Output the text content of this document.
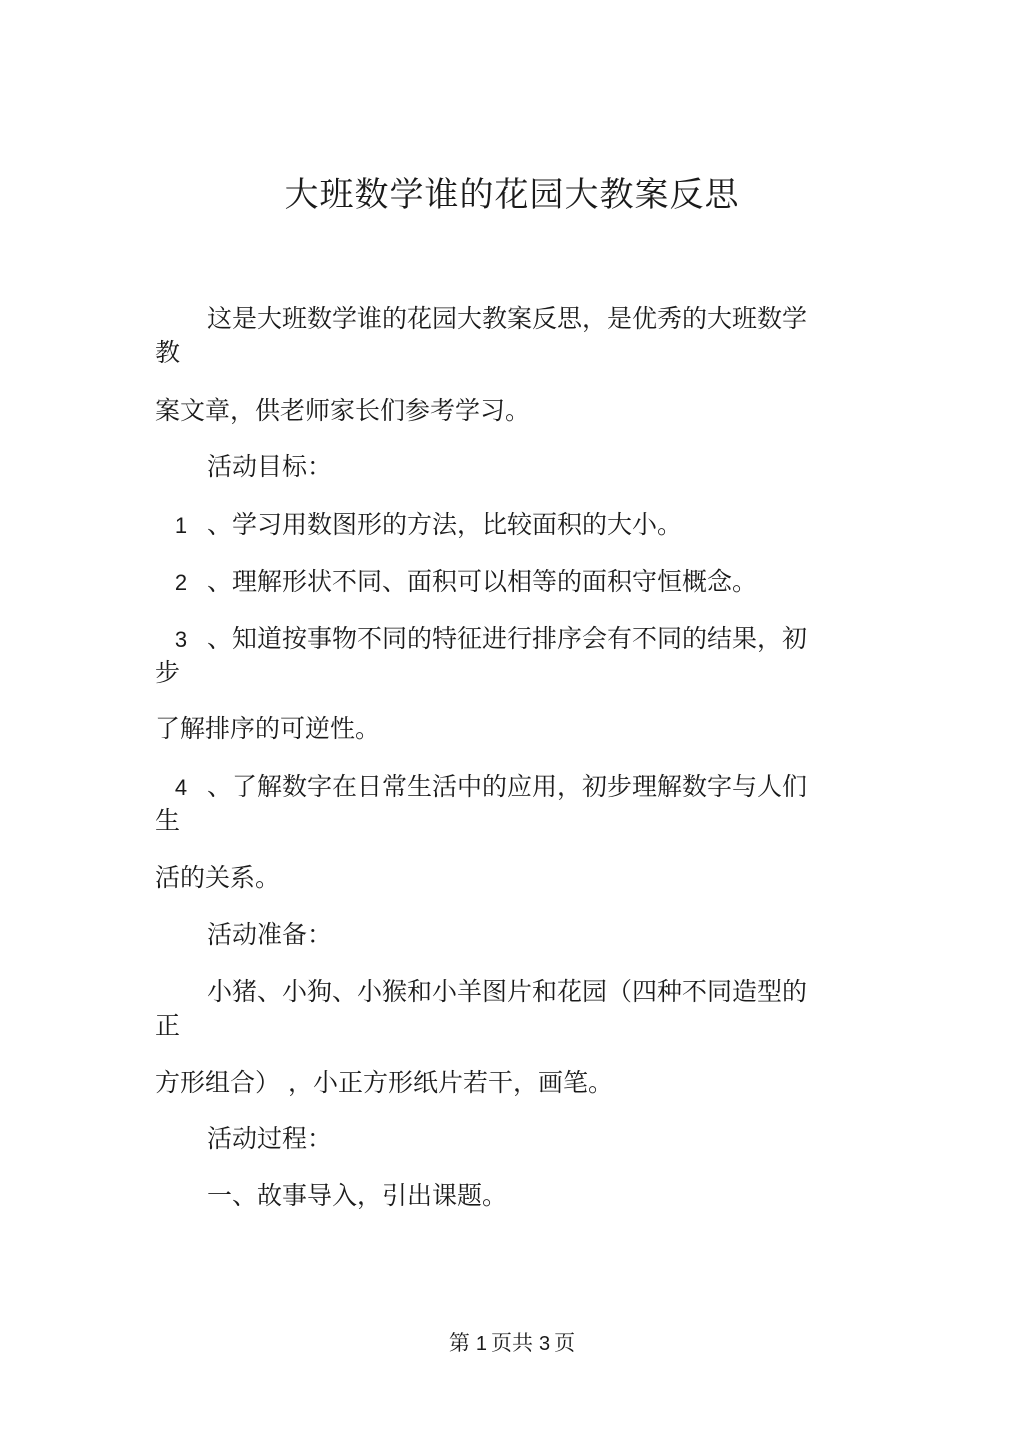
大班数学谁的花园大教案反思

这是大班数学谁的花园大教案反思，是优秀的大班数学

教

案文章，供老师家长们参考学习。

活动目标：

1 、学习用数图形的方法，比较面积的大小。

2 、理解形状不同、面积可以相等的面积守恒概念。

3 、知道按事物不同的特征进行排序会有不同的结果，初

步

了解排序的可逆性。

4 、了解数字在日常生活中的应用，初步理解数字与人们

生

活的关系。

活动准备：

小猪、小狗、小猴和小羊图片和花园（四种不同造型的

正

方形组合） ，小正方形纸片若干，画笔。

活动过程：

一、故事导入，引出课题。

第 1 页共 3 页
